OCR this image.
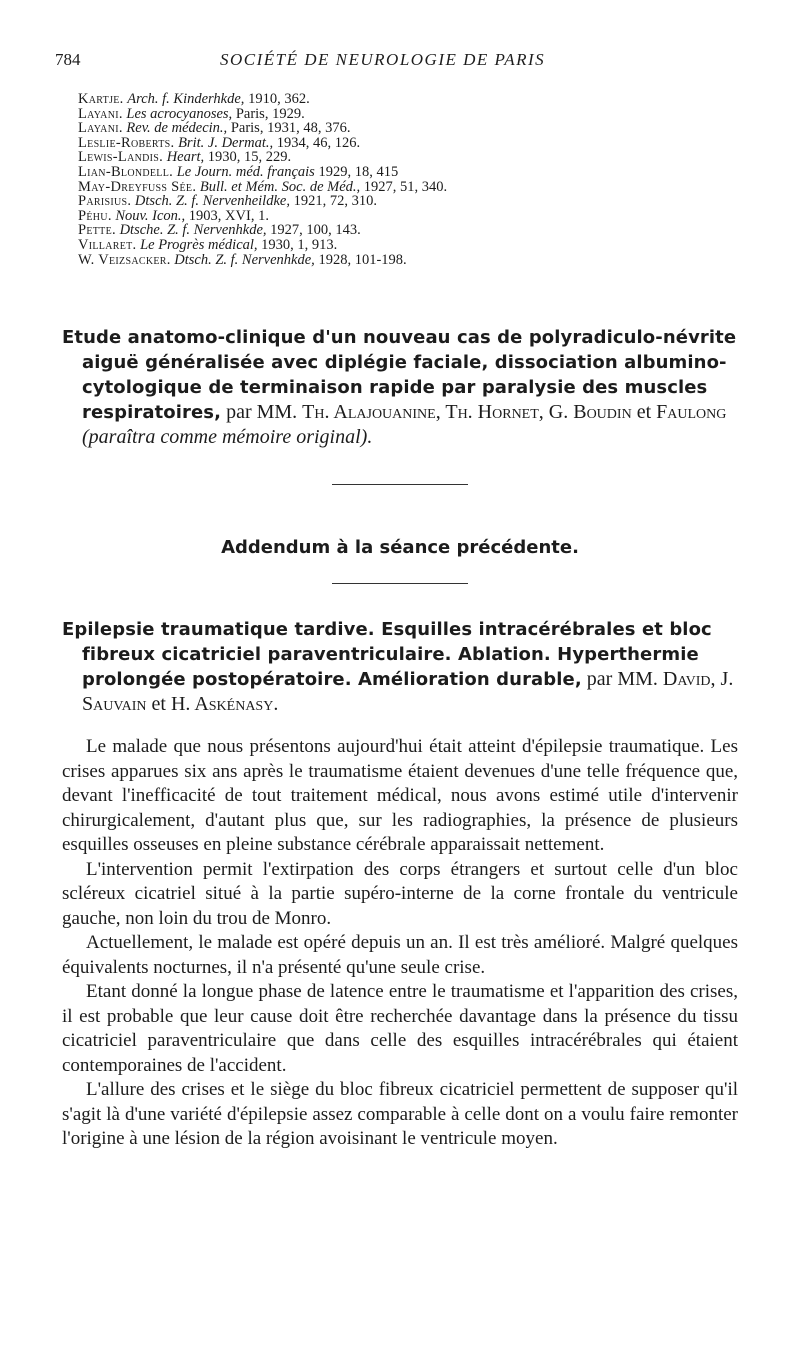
784	SOCIÉTÉ DE NEUROLOGIE DE PARIS
Kartje. Arch. f. Kinderhkde, 1910, 362.
Layani. Les acrocyanoses, Paris, 1929.
Layani. Rev. de médecin., Paris, 1931, 48, 376.
Leslie-Roberts. Brit. J. Dermat., 1934, 46, 126.
Lewis-Landis. Heart, 1930, 15, 229.
Lian-Blondell. Le Journ. méd. français 1929, 18, 415
May-Dreyfuss Sée. Bull. et Mém. Soc. de Méd., 1927, 51, 340.
Parisius. Dtsch. Z. f. Nervenheildke, 1921, 72, 310.
Péhu. Nouv. Icon., 1903, XVI, 1.
Pette. Dtsche. Z. f. Nervenhkde, 1927, 100, 143.
Villaret. Le Progrès médical, 1930, 1, 913.
W. Veizsacker. Dtsch. Z. f. Nervenhkde, 1928, 101-198.
Etude anatomo-clinique d'un nouveau cas de polyradiculo-névrite aiguë généralisée avec diplégie faciale, dissociation albumino-cytologique de terminaison rapide par paralysie des muscles respiratoires, par MM. Th. Alajouanine, Th. Hornet, G. Boudin et Faulong (paraîtra comme mémoire original).
Addendum à la séance précédente.
Epilepsie traumatique tardive. Esquilles intracérébrales et bloc fibreux cicatriciel paraventriculaire. Ablation. Hyperthermie prolongée postopératoire. Amélioration durable, par MM. David, J. Sauvain et H. Askénasy.

Le malade que nous présentons aujourd'hui était atteint d'épilepsie traumatique. Les crises apparues six ans après le traumatisme étaient devenues d'une telle fréquence que, devant l'inefficacité de tout traitement médical, nous avons estimé utile d'intervenir chirurgicalement, d'autant plus que, sur les radiographies, la présence de plusieurs esquilles osseuses en pleine substance cérébrale apparaissait nettement.

L'intervention permit l'extirpation des corps étrangers et surtout celle d'un bloc scléreux cicatriel situé à la partie supéro-interne de la corne frontale du ventricule gauche, non loin du trou de Monro.

Actuellement, le malade est opéré depuis un an. Il est très amélioré. Malgré quelques équivalents nocturnes, il n'a présenté qu'une seule crise.

Etant donné la longue phase de latence entre le traumatisme et l'apparition des crises, il est probable que leur cause doit être recherchée davantage dans la présence du tissu cicatriciel paraventriculaire que dans celle des esquilles intracérébrales qui étaient contemporaines de l'accident.

L'allure des crises et le siège du bloc fibreux cicatriciel permettent de supposer qu'il s'agit là d'une variété d'épilepsie assez comparable à celle dont on a voulu faire remonter l'origine à une lésion de la région avoisinant le ventricule moyen.
